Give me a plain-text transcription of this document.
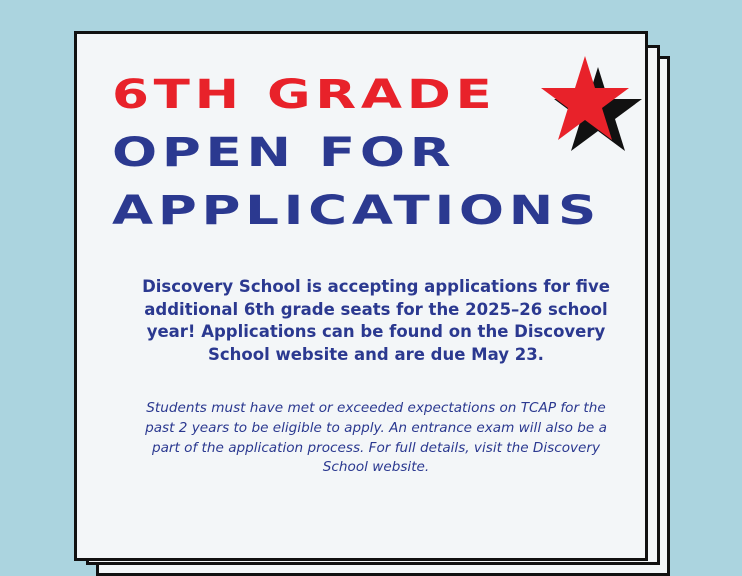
6TH GRADE
OPEN FOR
APPLICATIONS

Discovery School is accepting applications for five additional 6th grade seats for the 2025–26 school year! Applications can be found on the Discovery School website and are due May 23.

Students must have met or exceeded expectations on TCAP for the past 2 years to be eligible to apply. An entrance exam will also be a part of the application process. For full details, visit the Discovery School website.
